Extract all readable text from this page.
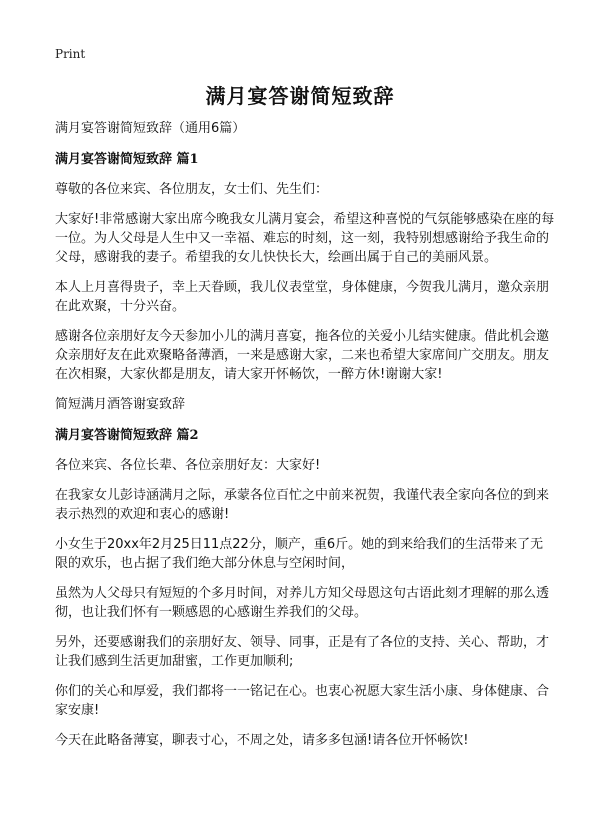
Print
满月宴答谢简短致辞

满月宴答谢简短致辞（通用6篇）

满月宴答谢简短致辞 篇1

尊敬的各位来宾、各位朋友，女士们、先生们：

大家好!非常感谢大家出席今晚我女儿满月宴会，希望这种喜悦的气氛能够感染在座的每一位。为人父母是人生中又一幸福、难忘的时刻，这一刻，我特别想感谢给予我生命的父母，感谢我的妻子。希望我的女儿快快长大，绘画出属于自己的美丽风景。

本人上月喜得贵子，幸上天眷顾，我儿仪表堂堂，身体健康，今贺我儿满月，邀众亲朋在此欢聚，十分兴奋。

感谢各位亲朋好友今天参加小儿的满月喜宴，拖各位的关爱小儿结实健康。借此机会邀众亲朋好友在此欢聚略备薄酒，一来是感谢大家，二来也希望大家席间广交朋友。朋友在次相聚，大家伙都是朋友，请大家开怀畅饮，一醉方休!谢谢大家!

简短满月酒答谢宴致辞

满月宴答谢简短致辞 篇2

各位来宾、各位长辈、各位亲朋好友：大家好!

在我家女儿彭诗涵满月之际，承蒙各位百忙之中前来祝贺，我谨代表全家向各位的到来表示热烈的欢迎和衷心的感谢!

小女生于20xx年2月25日11点22分，顺产，重6斤。她的到来给我们的生活带来了无限的欢乐，也占据了我们绝大部分休息与空闲时间，

虽然为人父母只有短短的个多月时间，对养儿方知父母恩这句古语此刻才理解的那么透彻，也让我们怀有一颗感恩的心感谢生养我们的父母。

另外，还要感谢我们的亲朋好友、领导、同事，正是有了各位的支持、关心、帮助，才让我们感到生活更加甜蜜，工作更加顺利;

你们的关心和厚爱，我们都将一一铭记在心。也衷心祝愿大家生活小康、身体健康、合家安康!

今天在此略备薄宴，聊表寸心，不周之处，请多多包涵!请各位开怀畅饮!
